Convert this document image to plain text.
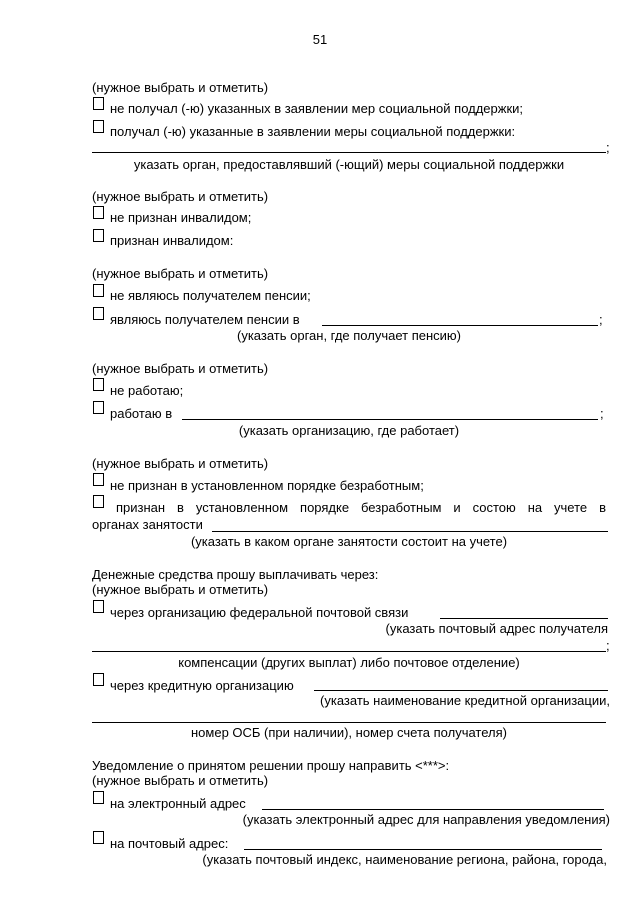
51
(нужное выбрать и отметить)
не получал (-ю) указанных в заявлении мер социальной поддержки;
получал (-ю) указанные в заявлении меры социальной поддержки:
;
указать орган, предоставлявший (-ющий) меры социальной поддержки
(нужное выбрать и отметить)
не признан инвалидом;
признан инвалидом:
(нужное выбрать и отметить)
не являюсь получателем пенсии;
являюсь получателем пенсии в	;
(указать орган, где получает пенсию)
(нужное выбрать и отметить)
не работаю;
работаю в	;
(указать организацию, где работает)
(нужное выбрать и отметить)
не признан в установленном порядке безработным;
признан в установленном порядке безработным и состою на учете в
органах занятости
(указать в каком органе занятости состоит на учете)
Денежные средства прошу выплачивать через:
(нужное выбрать и отметить)
через организацию федеральной почтовой связи
(указать почтовый адрес получателя
;
компенсации (других выплат) либо почтовое отделение)
через кредитную организацию
(указать наименование кредитной организации,
номер ОСБ (при наличии), номер счета получателя)
Уведомление о принятом решении прошу направить <***>:
(нужное выбрать и отметить)
на электронный адрес
(указать электронный адрес для направления уведомления)
на почтовый адрес:
(указать почтовый индекс, наименование региона, района, города,
